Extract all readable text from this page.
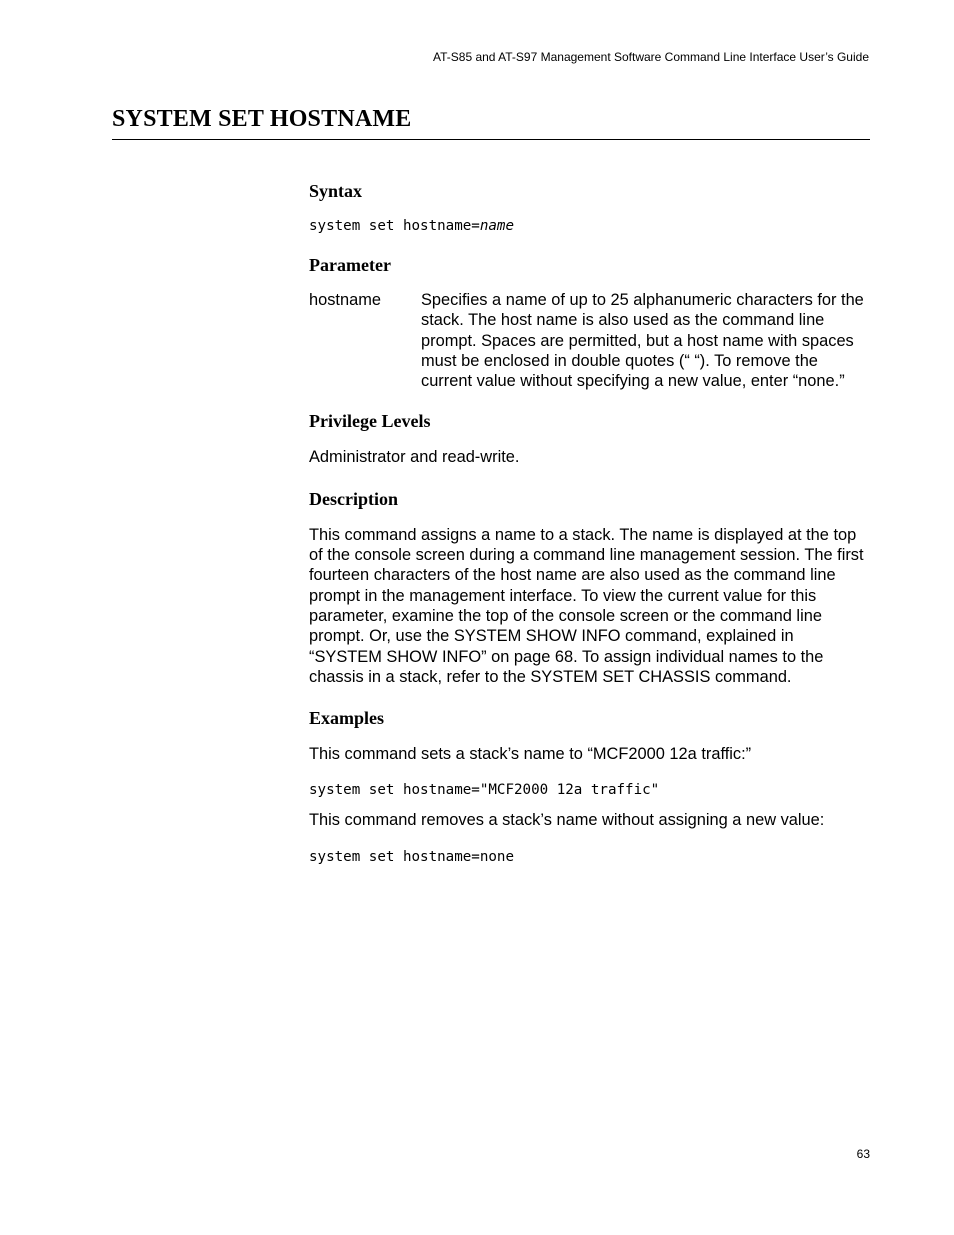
AT-S85 and AT-S97 Management Software Command Line Interface User’s Guide
SYSTEM SET HOSTNAME
Syntax
system set hostname=name
Parameter
hostname	Specifies a name of up to 25 alphanumeric characters for the stack. The host name is also used as the command line prompt. Spaces are permitted, but a host name with spaces must be enclosed in double quotes (“ “). To remove the current value without specifying a new value, enter “none.”
Privilege Levels

Administrator and read-write.

Description

This command assigns a name to a stack. The name is displayed at the top of the console screen during a command line management session. The first fourteen characters of the host name are also used as the command line prompt in the management interface. To view the current value for this parameter, examine the top of the console screen or the command line prompt. Or, use the SYSTEM SHOW INFO command, explained in “SYSTEM SHOW INFO” on page 68. To assign individual names to the chassis in a stack, refer to the SYSTEM SET CHASSIS command.

Examples

This command sets a stack’s name to “MCF2000 12a traffic:”

system set hostname="MCF2000 12a traffic"

This command removes a stack’s name without assigning a new value:

system set hostname=none
63
